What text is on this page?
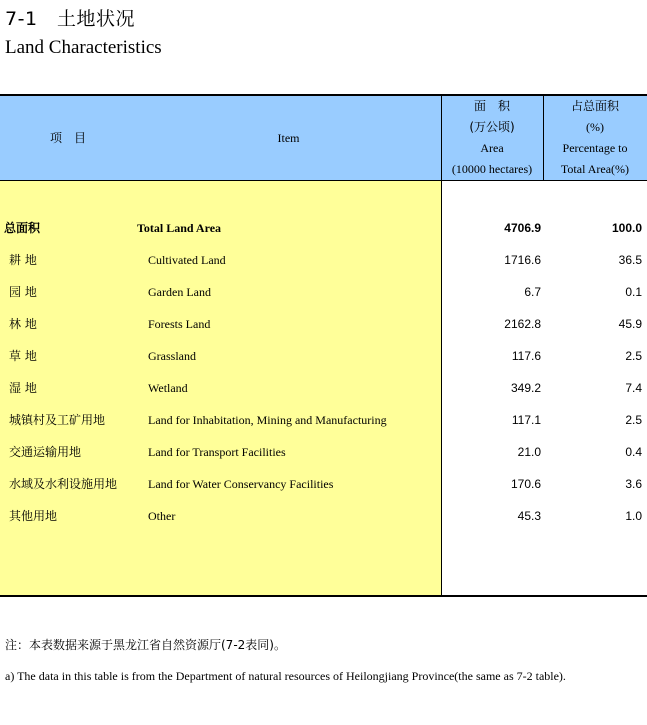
7-1　土地状况
Land Characteristics
项　目	Item
面　积
(万公顷)
Area
(10000 hectares)
占总面积
(%)
Percentage to
Total Area(%)
总面积	Total Land Area	4706.9	100.0
耕 地	Cultivated Land	1716.6	36.5
园 地	Garden Land	6.7	0.1
林 地	Forests Land	2162.8	45.9
草 地	Grassland	117.6	2.5
湿 地	Wetland	349.2	7.4
城镇村及工矿用地	Land for Inhabitation, Mining and Manufacturing	117.1	2.5
交通运输用地	Land for Transport Facilities	21.0	0.4
水域及水利设施用地	Land for Water Conservancy Facilities	170.6	3.6
其他用地	Other	45.3	1.0
注：本表数据来源于黑龙江省自然资源厅(7-2表同)。
a) The data in this table is from the Department of natural resources of Heilongjiang Province(the same as 7-2 table).
